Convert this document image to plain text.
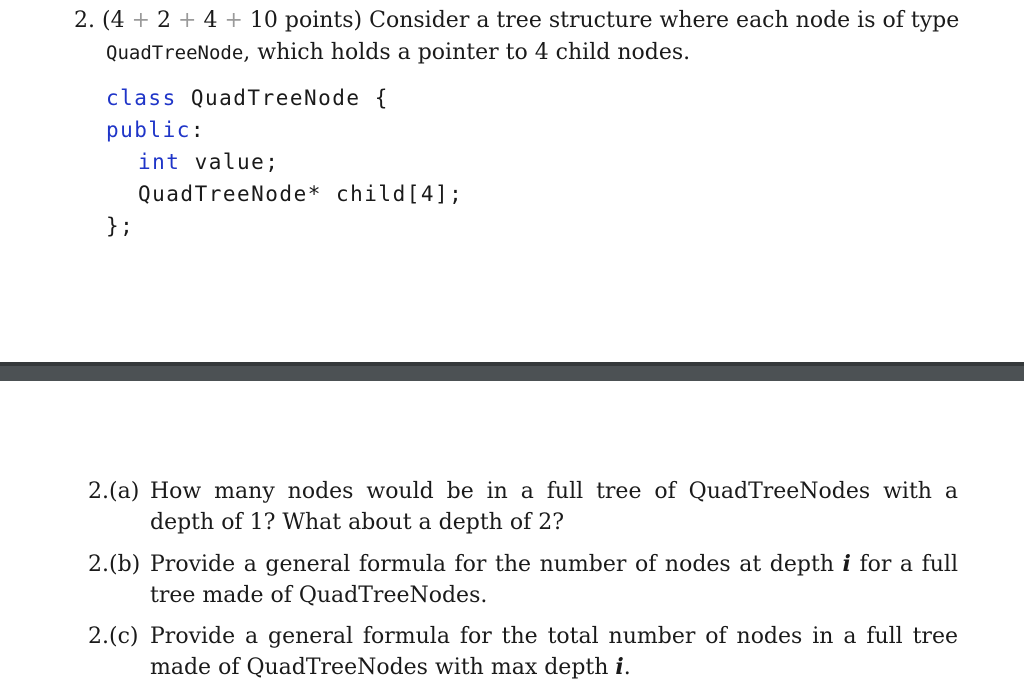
2. (4 + 2 + 4 + 10 points) Consider a tree structure where each node is of type
QuadTreeNode, which holds a pointer to 4 child nodes.
class QuadTreeNode {
public:
int value;
QuadTreeNode* child[4];
};
2.(a) How many nodes would be in a full tree of QuadTreeNodes with a depth of 1? What about a depth of 2?
2.(b) Provide a general formula for the number of nodes at depth i for a full tree made of QuadTreeNodes.
2.(c) Provide a general formula for the total number of nodes in a full tree made of QuadTreeNodes with max depth i.
